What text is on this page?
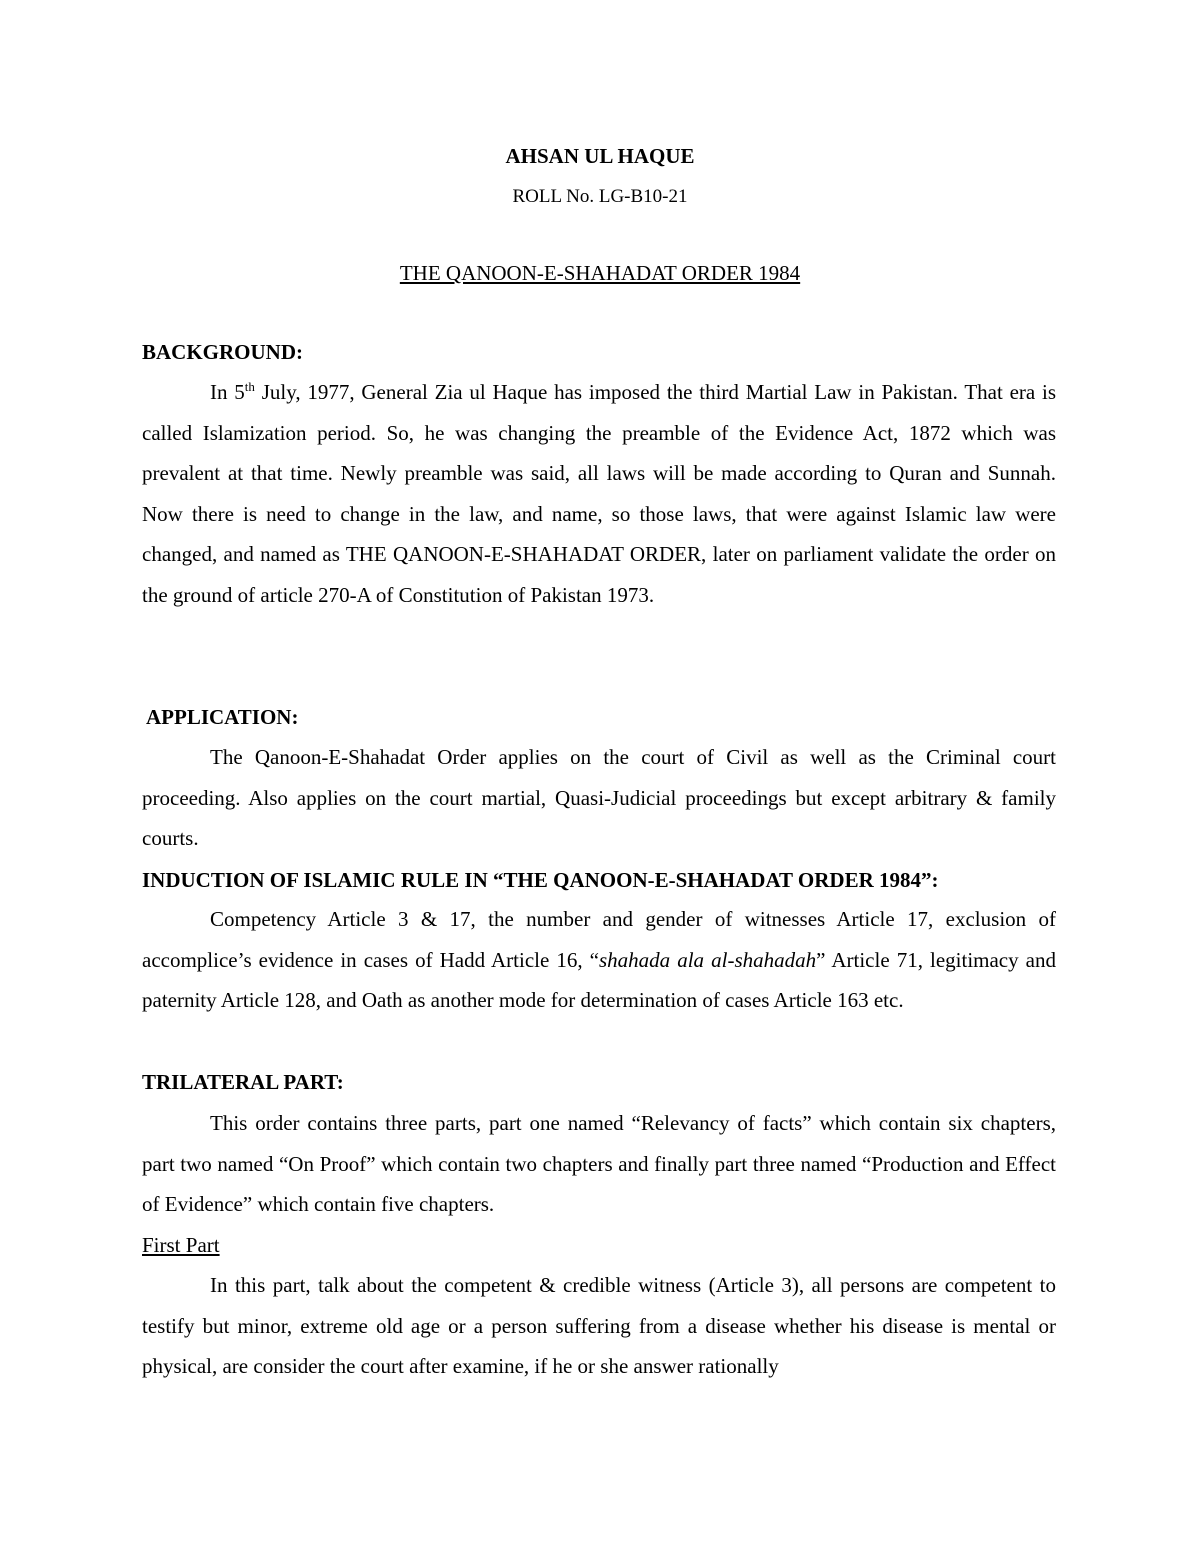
AHSAN UL HAQUE
ROLL No. LG-B10-21
THE QANOON-E-SHAHADAT ORDER 1984
BACKGROUND:

In 5th July, 1977, General Zia ul Haque has imposed the third Martial Law in Pakistan. That era is called Islamization period. So, he was changing the preamble of the Evidence Act, 1872 which was prevalent at that time. Newly preamble was said, all laws will be made according to Quran and Sunnah. Now there is need to change in the law, and name, so those laws, that were against Islamic law were changed, and named as THE QANOON-E-SHAHADAT ORDER, later on parliament validate the order on the ground of article 270-A of Constitution of Pakistan 1973.

APPLICATION:

The Qanoon-E-Shahadat Order applies on the court of Civil as well as the Criminal court proceeding. Also applies on the court martial, Quasi-Judicial proceedings but except arbitrary & family courts.

INDUCTION OF ISLAMIC RULE IN “THE QANOON-E-SHAHADAT ORDER 1984”:

Competency Article 3 & 17, the number and gender of witnesses Article 17, exclusion of accomplice’s evidence in cases of Hadd Article 16, “shahada ala al-shahadah” Article 71, legitimacy and paternity Article 128, and Oath as another mode for determination of cases Article 163 etc.

TRILATERAL PART:

This order contains three parts, part one named “Relevancy of facts” which contain six chapters, part two named “On Proof” which contain two chapters and finally part three named “Production and Effect of Evidence” which contain five chapters.

First Part

In this part, talk about the competent & credible witness (Article 3), all persons are competent to testify but minor, extreme old age or a person suffering from a disease whether his disease is mental or physical, are consider the court after examine, if he or she answer rationally
